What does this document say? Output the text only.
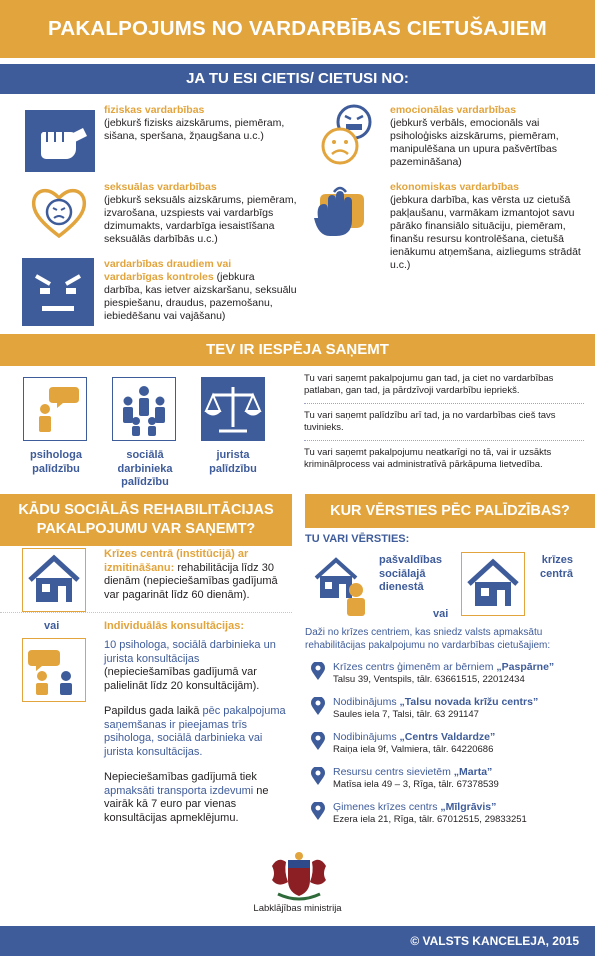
PAKALPOJUMS NO VARDARBĪBAS CIETUŠAJIEM
JA TU ESI CIETIS/ CIETUSI NO:
fiziskas vardarbības
(jebkurš fizisks aizskārums, piemēram, sišana, speršana, žņaugšana u.c.)
emocionālas vardarbības
(jebkurš verbāls, emocionāls vai psiholoģisks aizskārums, piemēram, manipulēšana un upura pašvērtības pazemināšana)
seksuālas vardarbības
(jebkurš seksuāls aizskārums, piemēram, izvarošana, uzspiests vai vardarbīgs dzimumakts, vardarbīga iesaistīšana seksuālās darbībās u.c.)
ekonomiskas vardarbības
(jebkura darbība, kas vērsta uz cietušā pakļaušanu, varmākam izmantojot savu pārāko finansiālo situāciju, piemēram, finanšu resursu kontrolēšana, cietušā ienākumu atņemšana, aizliegums strādāt u.c.)
vardarbības draudiem vai
vardarbīgas kontroles (jebkura
darbība, kas ietver aizskaršanu, seksuālu piespiešanu, draudus, pazemošanu, iebiedēšanu vai vajāšanu)
TEV IR IESPĒJA SAŅEMT
psihologa
palīdzību
sociālā
darbinieka
palīdzību
jurista
palīdzību
Tu vari saņemt pakalpojumu gan tad, ja ciet no vardarbības patlaban, gan tad, ja pārdzīvoji vardarbību iepriekš.
Tu vari saņemt palīdzību arī tad, ja no vardarbības cieš tavs tuvinieks.
Tu vari saņemt pakalpojumu neatkarīgi no tā, vai ir uzsākts kriminālprocess vai administratīvā pārkāpuma lietvedība.
KĀDU SOCIĀLĀS REHABILITĀCIJAS
PAKALPOJUMU VAR SAŅEMT?
Krīzes centrā (institūcijā) ar izmitināšanu: rehabilitācija līdz 30 dienām (nepieciešamības gadījumā var pagarināt līdz 60 dienām).
vai	Individuālās konsultācijas:
10 psihologa, sociālā darbinieka un jurista konsultācijas
(nepieciešamības gadījumā var palielināt līdz 20 konsultācijām).
Papildus gada laikā pēc pakalpojuma saņemšanas ir pieejamas trīs psihologa, sociālā darbinieka vai jurista konsultācijas.
Nepieciešamības gadījumā tiek apmaksāti transporta izdevumi ne vairāk kā 7 euro par vienas konsultācijas apmeklējumu.
KUR VĒRSTIES PĒC PALĪDZĪBAS?
TU VARI VĒRSTIES:
pašvaldības
sociālajā
dienestā
krīzes
centrā
vai
Daži no krīzes centriem, kas sniedz valsts apmaksātu rehabilitācijas pakalpojumu no vardarbības cietušajiem:
Krīzes centrs ģimenēm ar bērniem „Paspārne”
Talsu 39, Ventspils, tālr. 63661515, 22012434
Nodibinājums „Talsu novada krīžu centrs”
Saules iela 7, Talsi, tālr. 63 291147
Nodibinājums „Centrs Valdardze”
Raiņa iela 9f, Valmiera, tālr. 64220686
Resursu centrs sievietēm „Marta”
Matīsa iela 49 – 3, Rīga, tālr. 67378539
Ģimenes krīzes centrs „Mīlgrāvis”
Ezera iela 21, Rīga, tālr. 67012515, 29833251
Labklājības ministrija
© VALSTS KANCELEJA, 2015
